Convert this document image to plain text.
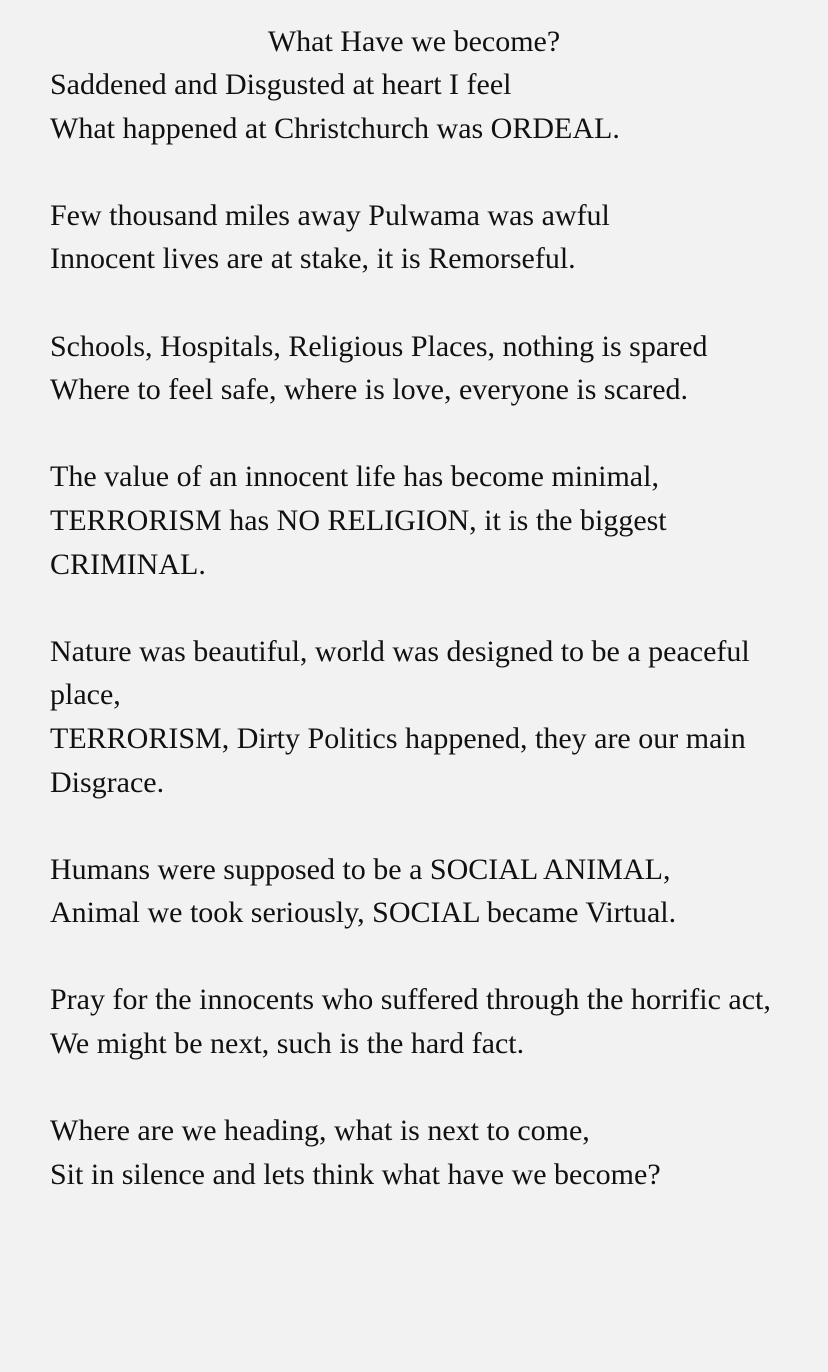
What Have we become?
Saddened and Disgusted at heart I feel
What happened at Christchurch was ORDEAL.
Few thousand miles away Pulwama was awful
Innocent lives are at stake, it is Remorseful.
Schools, Hospitals, Religious Places, nothing is spared
Where to feel safe, where is love, everyone is scared.
The value of an innocent life has become minimal,
TERRORISM has NO RELIGION, it is the biggest CRIMINAL.
Nature was beautiful, world was designed to be a peaceful place,
TERRORISM, Dirty Politics happened, they are our main Disgrace.
Humans were supposed to be a SOCIAL ANIMAL,
Animal we took seriously, SOCIAL became Virtual.
Pray for the innocents who suffered through the horrific act,
We might be next, such is the hard fact.
Where are we heading, what is next to come,
Sit in silence and lets think what have we become?
